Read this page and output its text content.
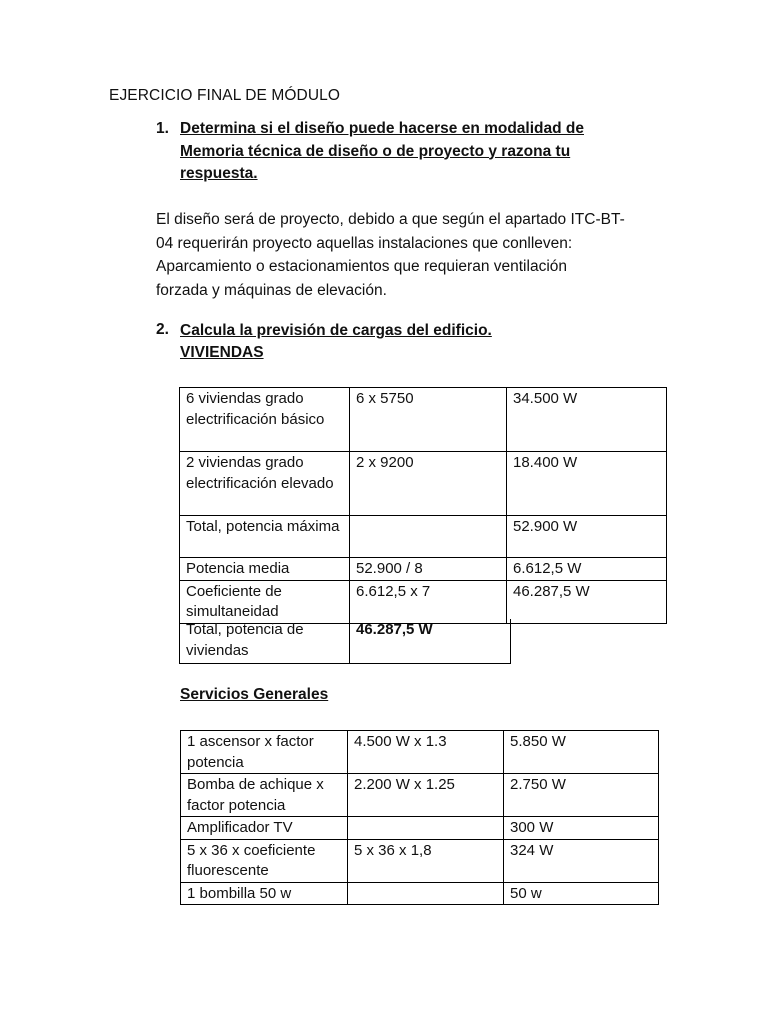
EJERCICIO FINAL DE MÓDULO
1. Determina si el diseño puede hacerse en modalidad de
Memoria técnica de diseño o de proyecto y razona tu
respuesta.
El diseño será de proyecto, debido a que según el apartado ITC-BT-
04 requerirán proyecto aquellas instalaciones que conlleven:
Aparcamiento o estacionamientos que requieran ventilación
forzada y máquinas de elevación.
2. Calcula la previsión de cargas del edificio.
VIVIENDAS
6 viviendas grado electrificación básico	6 x 5750	34.500 W
2 viviendas grado electrificación elevado	2 x 9200	18.400 W
Total, potencia máxima		52.900 W
Potencia media	52.900 / 8	6.612,5 W
Coeficiente de simultaneidad	6.612,5 x 7	46.287,5 W
Total, potencia de viviendas	46.287,5 W
Servicios Generales
1 ascensor x factor potencia	4.500 W x 1.3	5.850 W
Bomba de achique x factor potencia	2.200 W x 1.25	2.750 W
Amplificador TV		300 W
5 x 36 x coeficiente fluorescente	5 x 36 x 1,8	324 W
1 bombilla 50 w		50 w
